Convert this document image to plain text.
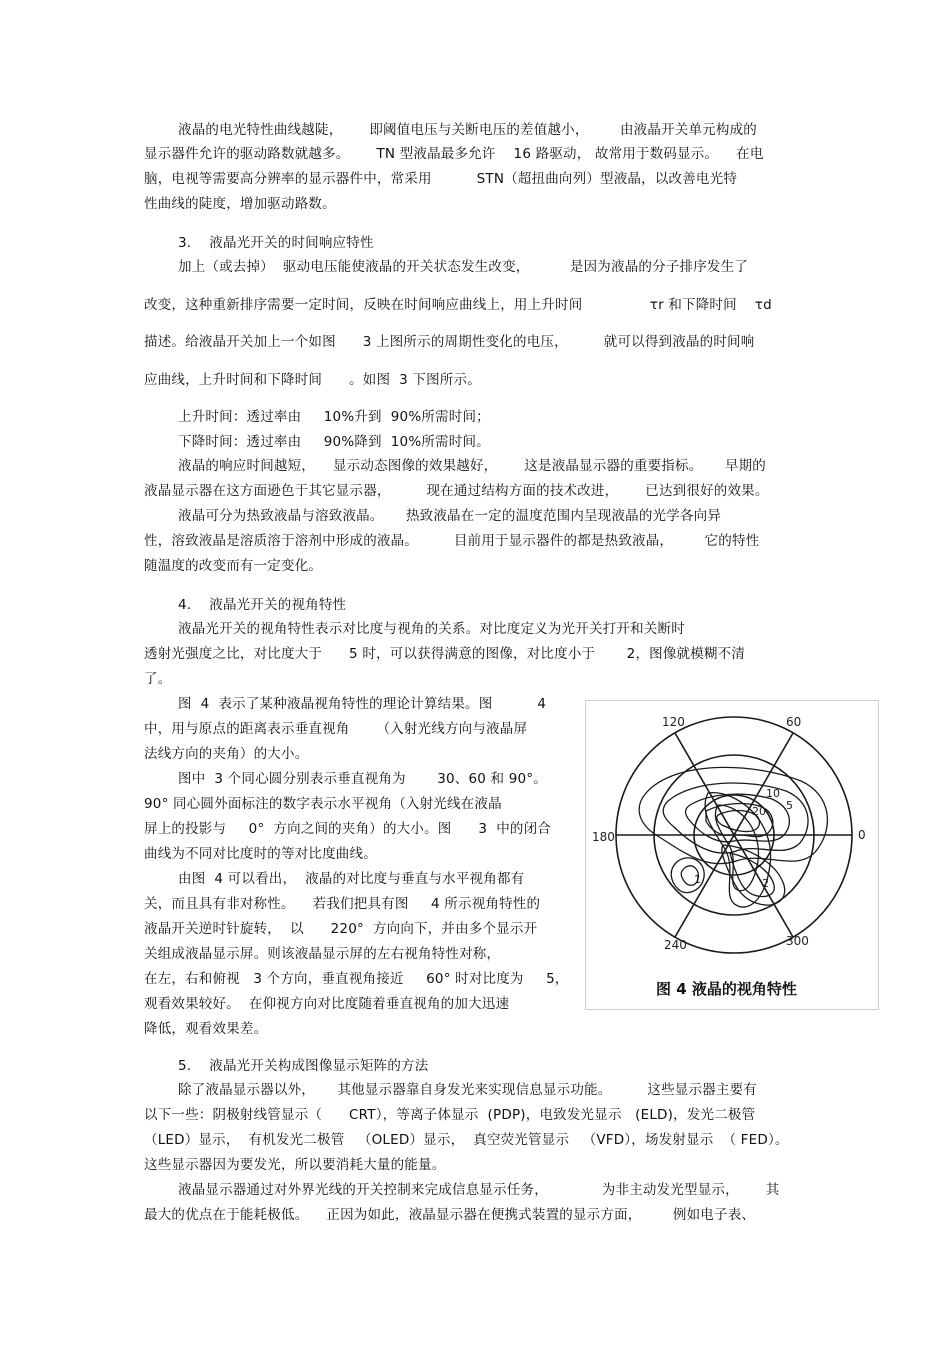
液晶的电光特性曲线越陡，      即阈值电压与关断电压的差值越小，       由液晶开关单元构成的
显示器件允许的驱动路数就越多。      TN 型液晶最多允许    16 路驱动， 故常用于数码显示。    在电
脑，电视等需要高分辨率的显示器件中，常采用          STN（超扭曲向列）型液晶，以改善电光特
性曲线的陡度，增加驱动路数。
3.    液晶光开关的时间响应特性
加上（或去掉）  驱动电压能使液晶的开关状态发生改变，         是因为液晶的分子排序发生了
改变，这种重新排序需要一定时间，反映在时间响应曲线上，用上升时间               τr 和下降时间    τd
描述。给液晶开关加上一个如图      3 上图所示的周期性变化的电压，        就可以得到液晶的时间响
应曲线，上升时间和下降时间      。如图  3 下图所示。
上升时间：透过率由     10%升到  90%所需时间；
下降时间：透过率由     90%降到  10%所需时间。
液晶的响应时间越短，    显示动态图像的效果越好，      这是液晶显示器的重要指标。     早期的
液晶显示器在这方面逊色于其它显示器，        现在通过结构方面的技术改进，      已达到很好的效果。
液晶可分为热致液晶与溶致液晶。     热致液晶在一定的温度范围内呈现液晶的光学各向异
性，溶致液晶是溶质溶于溶剂中形成的液晶。        目前用于显示器件的都是热致液晶，       它的特性
随温度的改变而有一定变化。
4.    液晶光开关的视角特性
液晶光开关的视角特性表示对比度与视角的关系。对比度定义为光开关打开和关断时
透射光强度之比，对比度大于      5 时，可以获得满意的图像，对比度小于       2，图像就模糊不清
了。
图  4  表示了某种液晶视角特性的理论计算结果。图          4
中，用与原点的距离表示垂直视角      （入射光线方向与液晶屏
法线方向的夹角）的大小。
图中  3 个同心圆分别表示垂直视角为       30、60 和 90°。
90° 同心圆外面标注的数字表示水平视角（入射光线在液晶
屏上的投影与     0°  方向之间的夹角）的大小。图      3  中的闭合
曲线为不同对比度时的等对比度曲线。
由图  4 可以看出，  液晶的对比度与垂直与水平视角都有
关，而且具有非对称性。    若我们把具有图     4 所示视角特性的
液晶开关逆时针旋转，  以      220°  方向向下，并由多个显示开
关组成液晶显示屏。则该液晶显示屏的左右视角特性对称，
在左，右和俯视   3 个方向，垂直视角接近     60° 时对比度为     5，
观看效果较好。  在仰视方向对比度随着垂直视角的加大迅速
降低，观看效果差。
120	60
180	0
240	300
10
20 5
1	2
图 4 液晶的视角特性
5.    液晶光开关构成图像显示矩阵的方法
除了液晶显示器以外，     其他显示器靠自身发光来实现信息显示功能。        这些显示器主要有
以下一些：阴极射线管显示（      CRT），等离子体显示  (PDP)，电致发光显示   (ELD)，发光二极管
（LED）显示，  有机发光二极管   （OLED）显示，  真空荧光管显示   （VFD），场发射显示  （ FED）。
这些显示器因为要发光，所以要消耗大量的能量。
液晶显示器通过对外界光线的开关控制来完成信息显示任务，            为非主动发光型显示，      其
最大的优点在于能耗极低。    正因为如此，液晶显示器在便携式装置的显示方面，       例如电子表、
